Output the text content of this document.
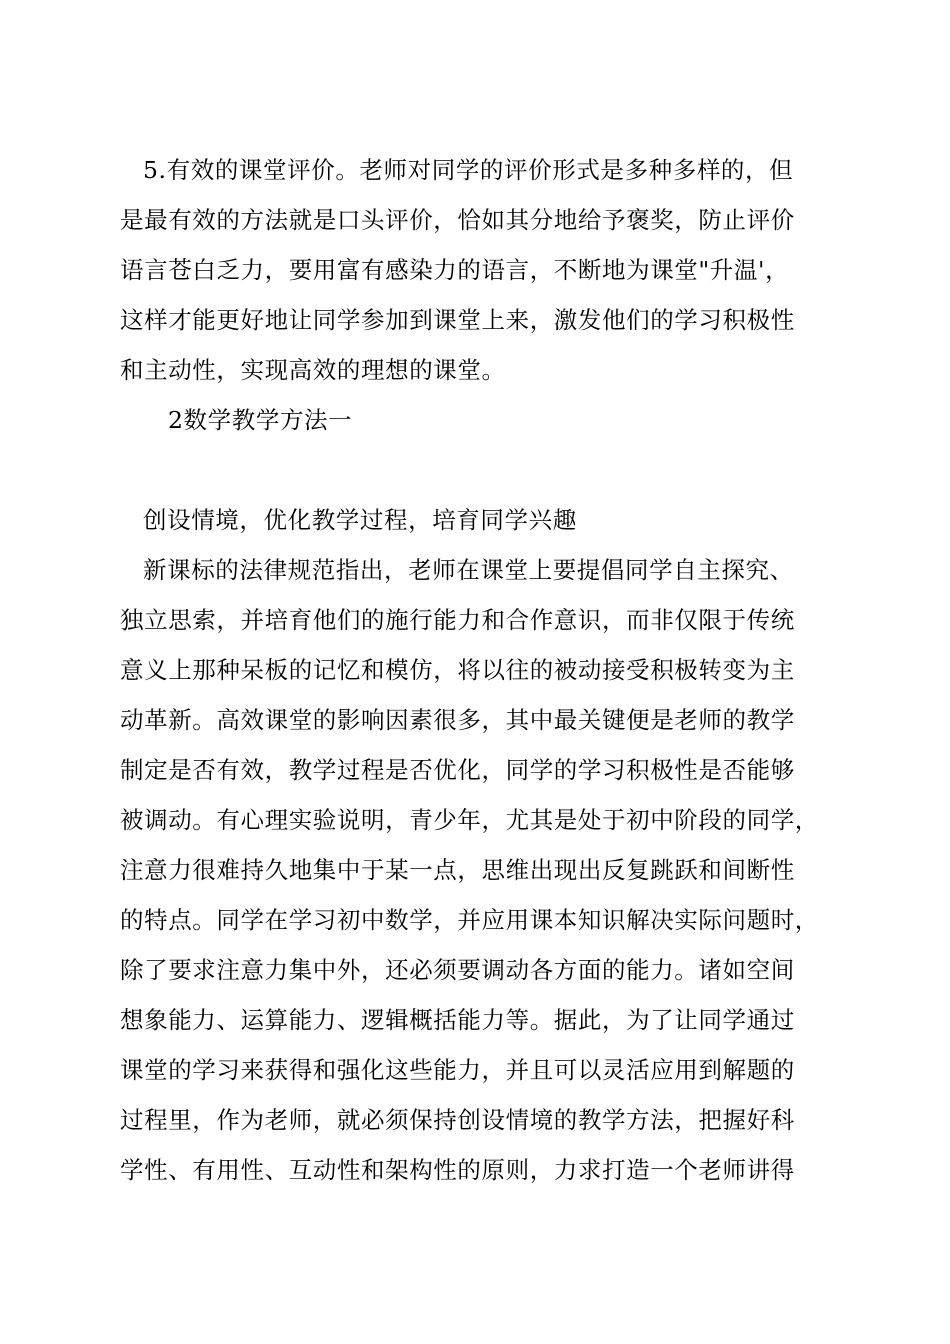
5.有效的课堂评价。老师对同学的评价形式是多种多样的，但
是最有效的方法就是口头评价，恰如其分地给予褒奖，防止评价
语言苍白乏力，要用富有感染力的语言，不断地为课堂"升温'，
这样才能更好地让同学参加到课堂上来，激发他们的学习积极性
和主动性，实现高效的理想的课堂。
2数学教学方法一
创设情境，优化教学过程，培育同学兴趣
新课标的法律规范指出，老师在课堂上要提倡同学自主探究、
独立思索，并培育他们的施行能力和合作意识，而非仅限于传统
意义上那种呆板的记忆和模仿，将以往的被动接受积极转变为主
动革新。高效课堂的影响因素很多，其中最关键便是老师的教学
制定是否有效，教学过程是否优化，同学的学习积极性是否能够
被调动。有心理实验说明，青少年，尤其是处于初中阶段的同学，
注意力很难持久地集中于某一点，思维出现出反复跳跃和间断性
的特点。同学在学习初中数学，并应用课本知识解决实际问题时，
除了要求注意力集中外，还必须要调动各方面的能力。诸如空间
想象能力、运算能力、逻辑概括能力等。据此，为了让同学通过
课堂的学习来获得和强化这些能力，并且可以灵活应用到解题的
过程里，作为老师，就必须保持创设情境的教学方法，把握好科
学性、有用性、互动性和架构性的原则，力求打造一个老师讲得
